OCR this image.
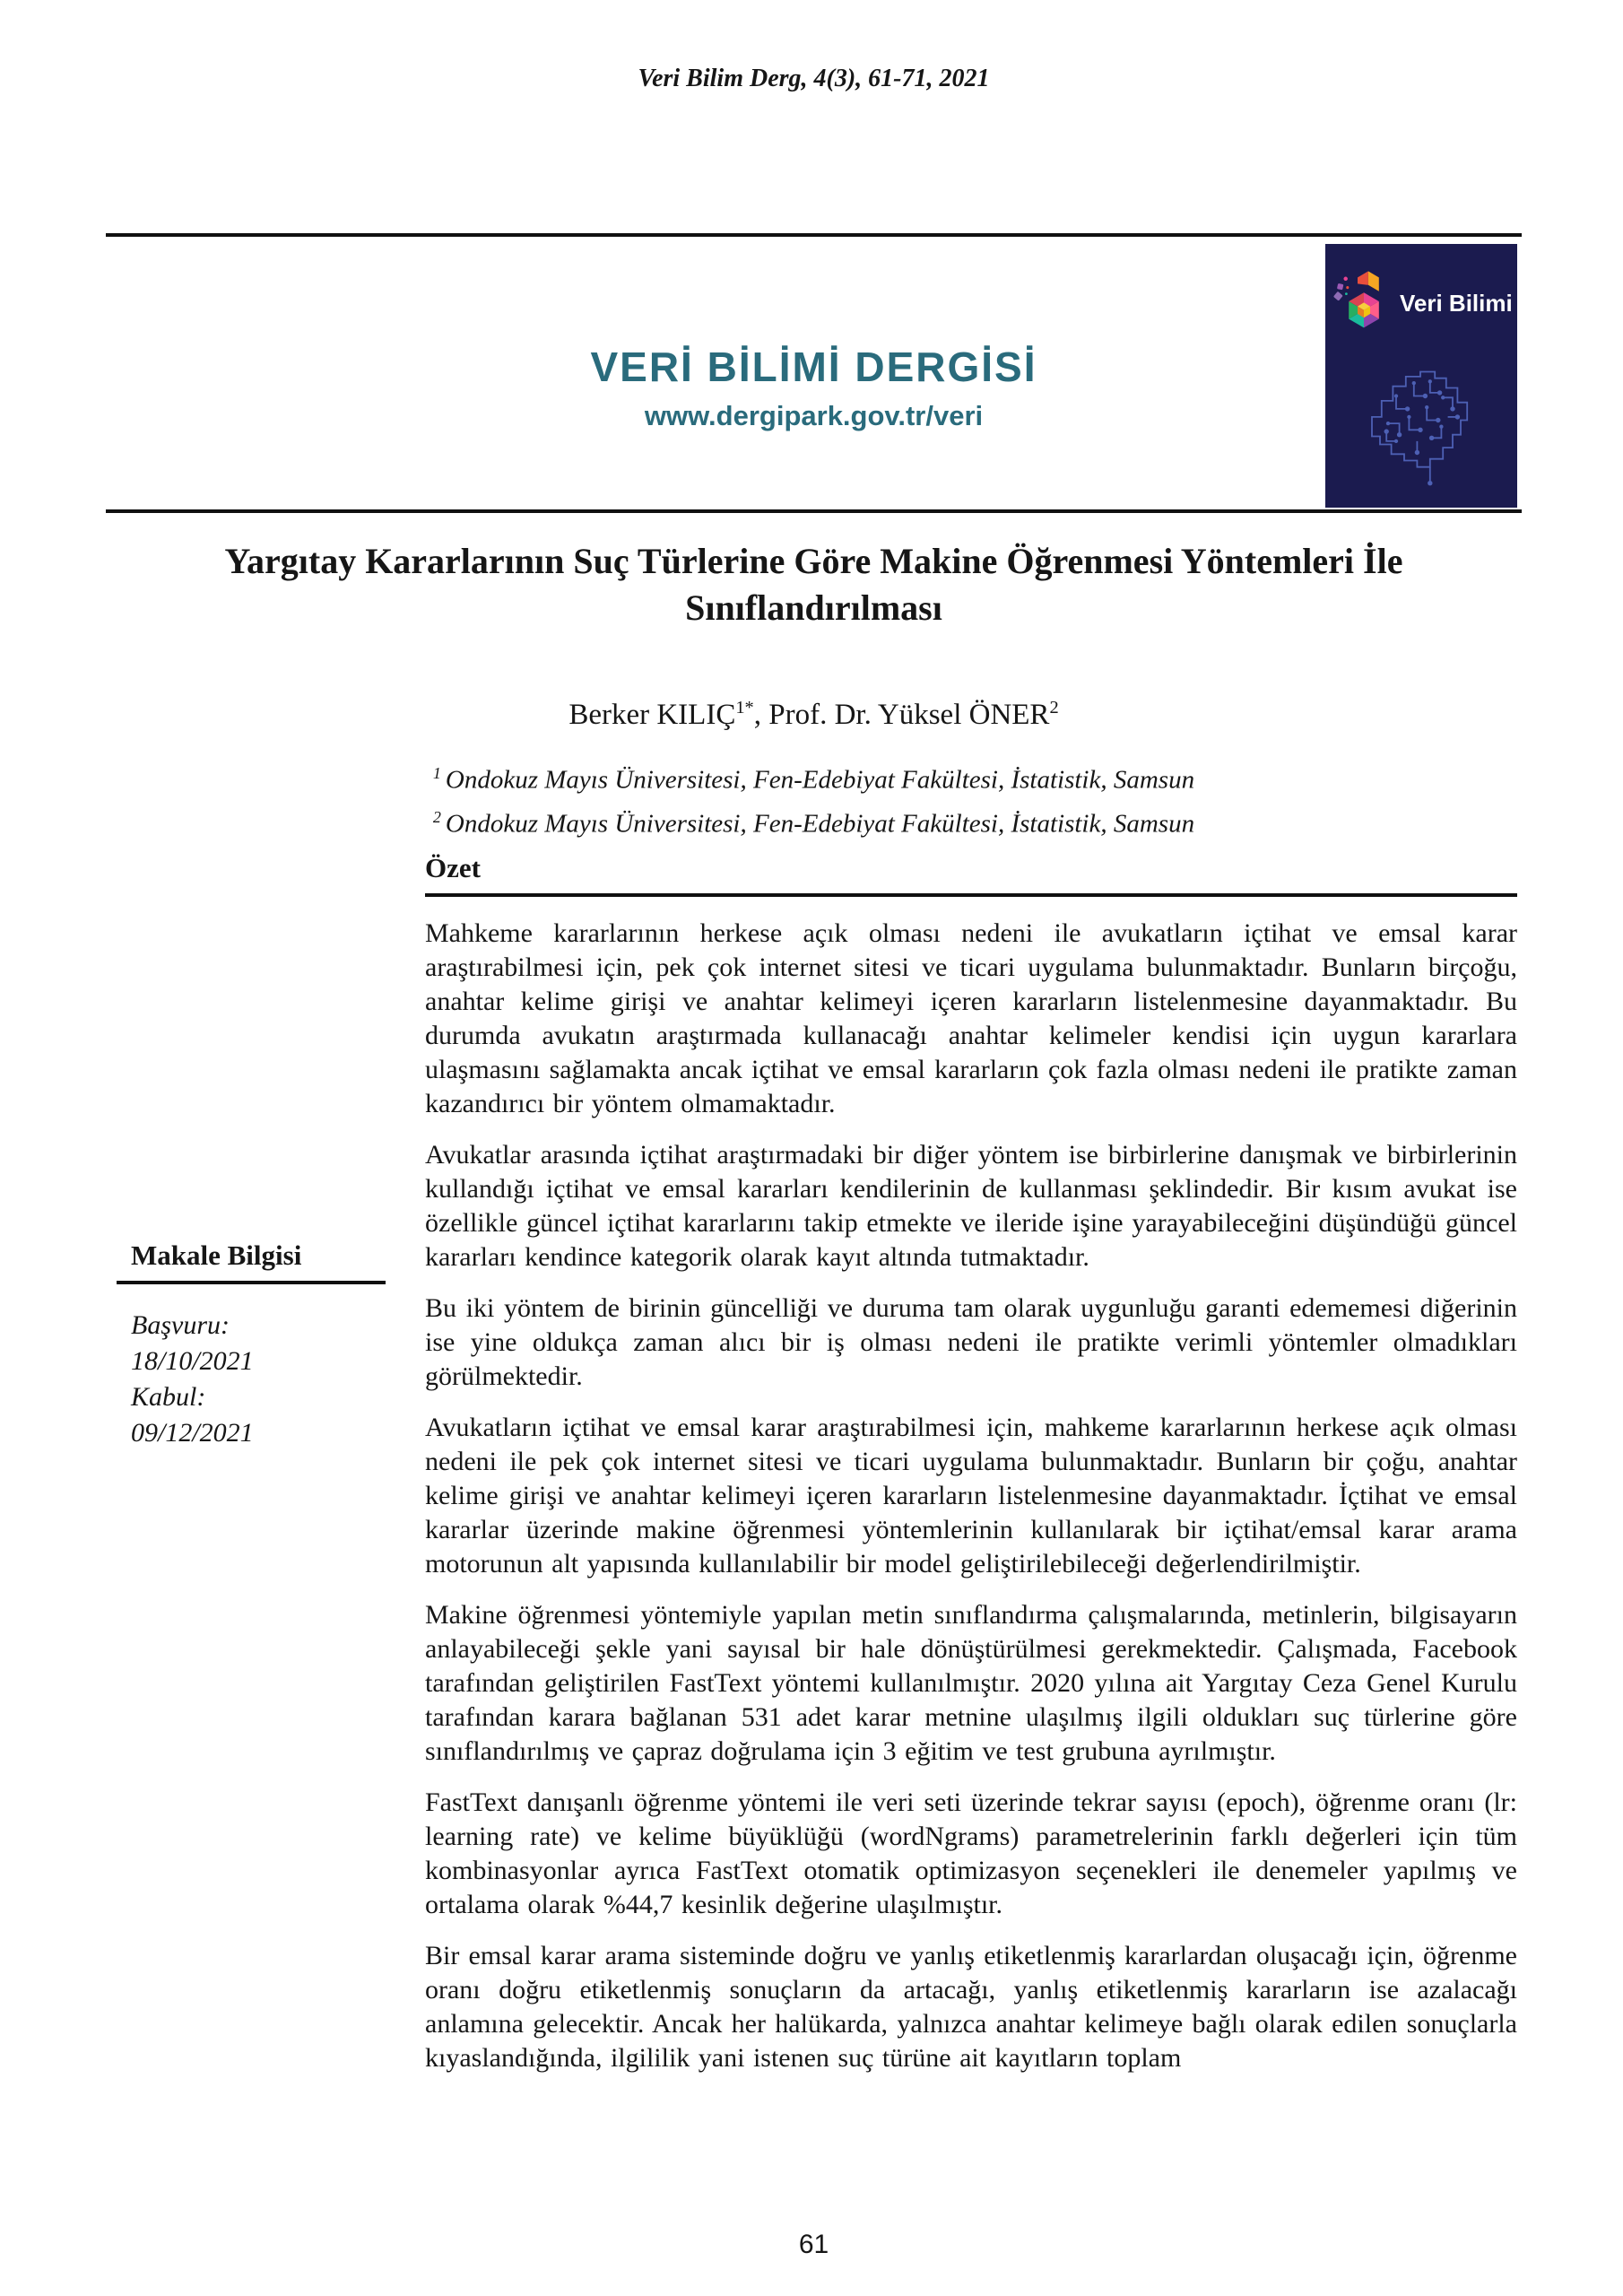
Veri Bilim Derg, 4(3), 61-71, 2021
VERİ BİLİMİ DERGİSİ
www.dergipark.gov.tr/veri
Veri Bilimi
Yargıtay Kararlarının Suç Türlerine Göre Makine Öğrenmesi Yöntemleri İle Sınıflandırılması
Berker $KILIÇ^{1*}$, Prof. Dr. Yüksel ÖNER$^2$
$^1$ Ondokuz Mayıs Üniversitesi, Fen-Edebiyat Fakültesi, İstatistik, Samsun
$^2$ Ondokuz Mayıs Üniversitesi, Fen-Edebiyat Fakültesi, İstatistik, Samsun
Makale Bilgisi
Başvuru:
18/10/2021
Kabul:
09/12/2021
Özet

Mahkeme kararlarının herkese açık olması nedeni ile avukatların içtihat ve emsal karar araştırabilmesi için, pek çok internet sitesi ve ticari uygulama bulunmaktadır. Bunların birçoğu, anahtar kelime girişi ve anahtar kelimeyi içeren kararların listelenmesine dayanmaktadır. Bu durumda avukatın araştırmada kullanacağı anahtar kelimeler kendisi için uygun kararlara ulaşmasını sağlamakta ancak içtihat ve emsal kararların çok fazla olması nedeni ile pratikte zaman kazandırıcı bir yöntem olmamaktadır.

Avukatlar arasında içtihat araştırmadaki bir diğer yöntem ise birbirlerine danışmak ve birbirlerinin kullandığı içtihat ve emsal kararları kendilerinin de kullanması şeklindedir. Bir kısım avukat ise özellikle güncel içtihat kararlarını takip etmekte ve ileride işine yarayabileceğini düşündüğü güncel kararları kendince kategorik olarak kayıt altında tutmaktadır.

Bu iki yöntem de birinin güncelliği ve duruma tam olarak uygunluğu garanti edememesi diğerinin ise yine oldukça zaman alıcı bir iş olması nedeni ile pratikte verimli yöntemler olmadıkları görülmektedir.

Avukatların içtihat ve emsal karar araştırabilmesi için, mahkeme kararlarının herkese açık olması nedeni ile pek çok internet sitesi ve ticari uygulama bulunmaktadır. Bunların bir çoğu, anahtar kelime girişi ve anahtar kelimeyi içeren kararların listelenmesine dayanmaktadır. İçtihat ve emsal kararlar üzerinde makine öğrenmesi yöntemlerinin kullanılarak bir içtihat/emsal karar arama motorunun alt yapısında kullanılabilir bir model geliştirilebileceği değerlendirilmiştir.

Makine öğrenmesi yöntemiyle yapılan metin sınıflandırma çalışmalarında, metinlerin, bilgisayarın anlayabileceği şekle yani sayısal bir hale dönüştürülmesi gerekmektedir. Çalışmada, Facebook tarafından geliştirilen FastText yöntemi kullanılmıştır. 2020 yılına ait Yargıtay Ceza Genel Kurulu tarafından karara bağlanan 531 adet karar metnine ulaşılmış ilgili oldukları suç türlerine göre sınıflandırılmış ve çapraz doğrulama için 3 eğitim ve test grubuna ayrılmıştır.

FastText danışanlı öğrenme yöntemi ile veri seti üzerinde tekrar sayısı (epoch), öğrenme oranı (lr: learning rate) ve kelime büyüklüğü (wordNgrams) parametrelerinin farklı değerleri için tüm kombinasyonlar ayrıca FastText otomatik optimizasyon seçenekleri ile denemeler yapılmış ve ortalama olarak %44,7 kesinlik değerine ulaşılmıştır.

Bir emsal karar arama sisteminde doğru ve yanlış etiketlenmiş kararlardan oluşacağı için, öğrenme oranı doğru etiketlenmiş sonuçların da artacağı, yanlış etiketlenmiş kararların ise azalacağı anlamına gelecektir. Ancak her halükarda, yalnızca anahtar kelimeye bağlı olarak edilen sonuçlarla kıyaslandığında, ilgililik yani istenen suç türüne ait kayıtların toplam

61
